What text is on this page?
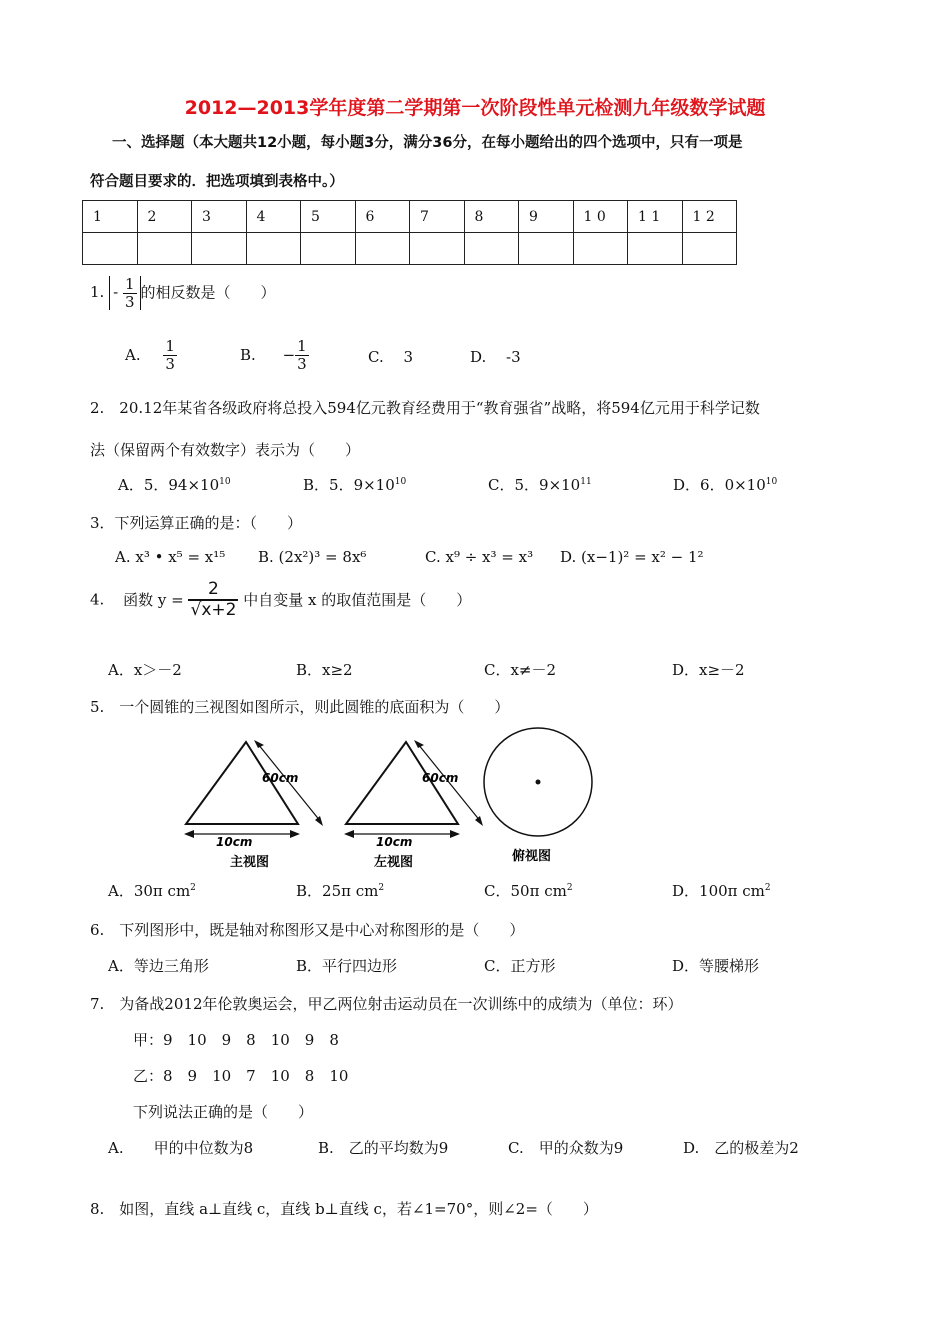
2012—2013学年度第二学期第一次阶段性单元检测九年级数学试题
一、选择题（本大题共12小题，每小题3分，满分36分，在每小题给出的四个选项中，只有一项是
符合题目要求的．把选项填到表格中。）
1	2	3	4	5	6	7	8	9	1 0	1 1	1 2

1. - $\frac{1}{3}$ 的相反数是（　　）
A. $\frac{1}{3}$	B. − $\frac{1}{3}$	C.　 3	D.　 -3
2.　20.12年某省各级政府将总投入594亿元教育经费用于“教育强省”战略，将594亿元用于科学记数
法（保留两个有效数字）表示为（　　）
A．5．$94\times 10^{10}$	B．5．$9\times 10^{10}$	C．5．$9\times 10^{11}$	D．6．$0\times 10^{10}$
3．下列运算正确的是：（　　）
A. x³ • x⁵ = x¹⁵ B. (2x²)³ = 8x⁶	C. x⁹ ÷ x³ = x³ D. (x−1)² = x² − 1²
4. 函数 $y = \frac{2}{√x+2}$ 中自变量 x 的取值范围是（　　）
A．x＞－2	B．x≥2	C．x≠－2	D．x≥－2
5.　一个圆锥的三视图如图所示，则此圆锥的底面积为（　　）
60cm
10cm
主视图
60cm
10cm
左视图	俯视图
A．30π $cm^2$	B．25π $cm^2$	C．50π $cm^2$	D．100π $cm^2$
6.　下列图形中，既是轴对称图形又是中心对称图形的是（　　）
A．等边三角形	B．平行四边形	C．正方形	D．等腰梯形
7.　为备战2012年伦敦奥运会，甲乙两位射击运动员在一次训练中的成绩为（单位：环）
甲：9　10　9　8　10　9　8
乙：8　9　10　7　10　8　10
下列说法正确的是（　　）
A.　　甲的中位数为8	B.　乙的平均数为9	C.　甲的众数为9	D.　乙的极差为2
8.　如图，直线 a⊥直线 c，直线 b⊥直线 c，若∠1=70°，则∠2=（　　）
